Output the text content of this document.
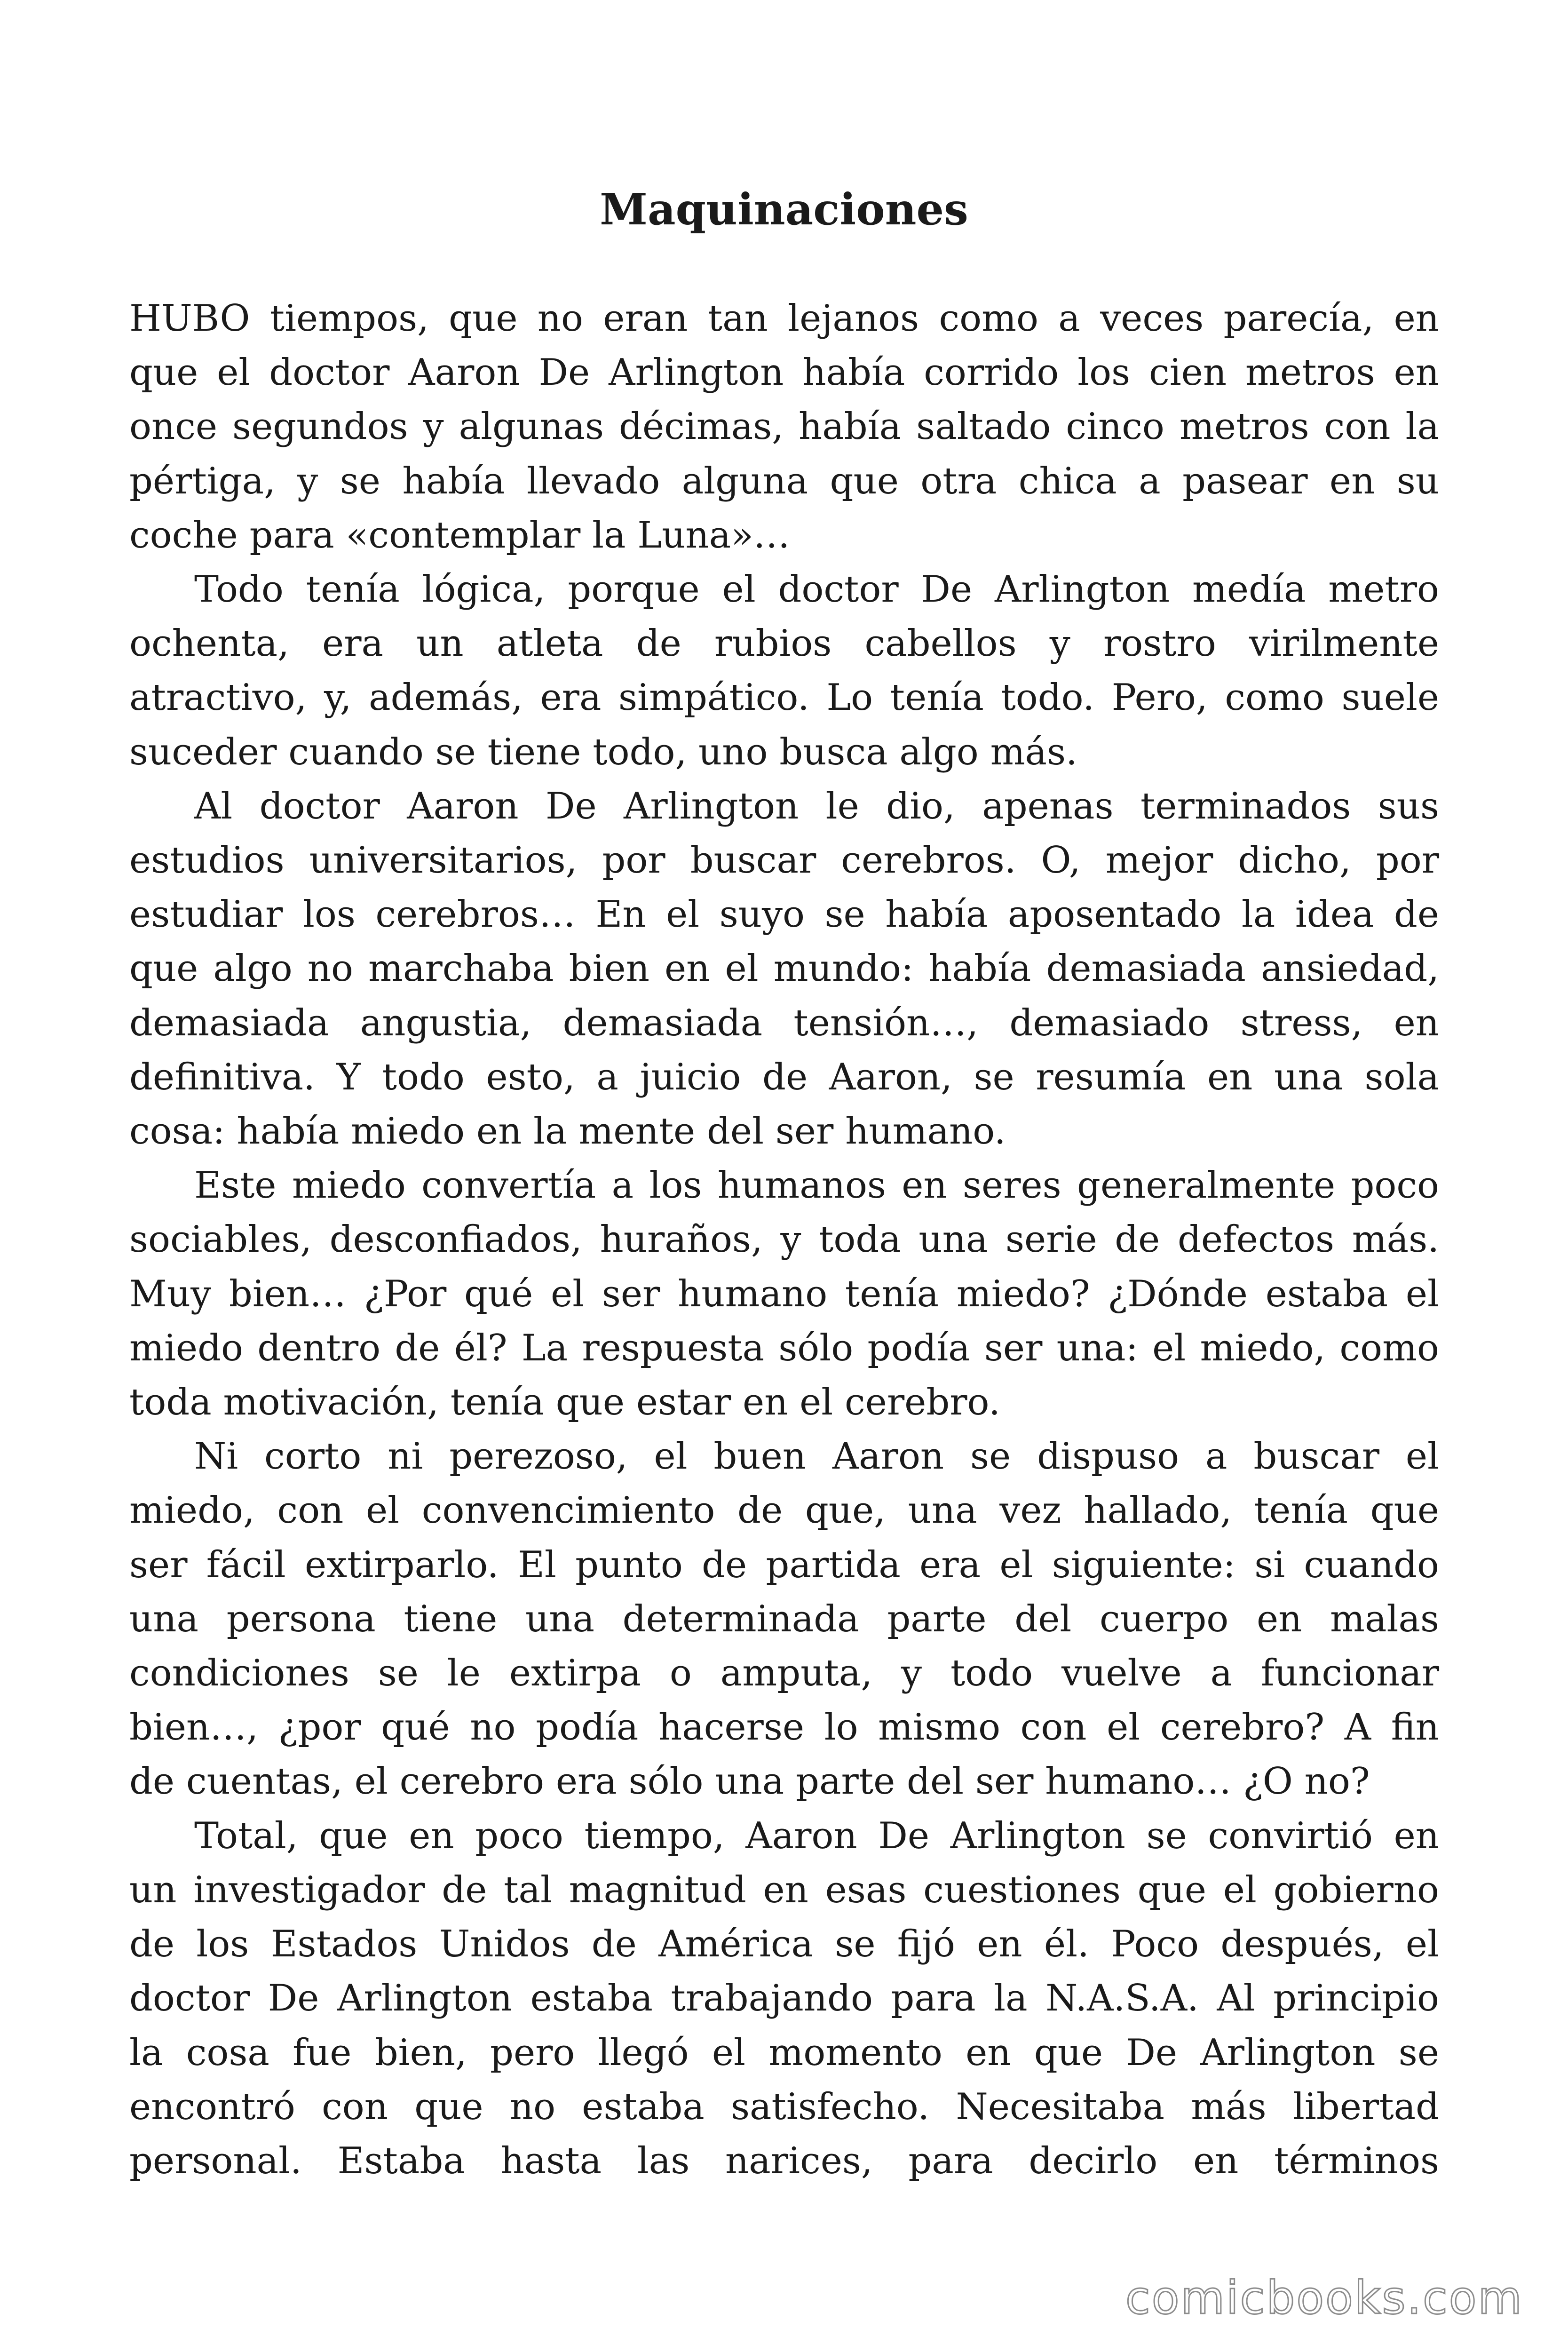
Maquinaciones

HUBO tiempos, que no eran tan lejanos como a veces parecía, en
que el doctor Aaron De Arlington había corrido los cien metros en
once segundos y algunas décimas, había saltado cinco metros con la
pértiga, y se había llevado alguna que otra chica a pasear en su
coche para «contemplar la Luna»…

Todo tenía lógica, porque el doctor De Arlington medía metro
ochenta, era un atleta de rubios cabellos y rostro virilmente
atractivo, y, además, era simpático. Lo tenía todo. Pero, como suele
suceder cuando se tiene todo, uno busca algo más.

Al doctor Aaron De Arlington le dio, apenas terminados sus
estudios universitarios, por buscar cerebros. O, mejor dicho, por
estudiar los cerebros… En el suyo se había aposentado la idea de
que algo no marchaba bien en el mundo: había demasiada ansiedad,
demasiada angustia, demasiada tensión…, demasiado stress, en
definitiva. Y todo esto, a juicio de Aaron, se resumía en una sola
cosa: había miedo en la mente del ser humano.

Este miedo convertía a los humanos en seres generalmente poco
sociables, desconfiados, huraños, y toda una serie de defectos más.
Muy bien… ¿Por qué el ser humano tenía miedo? ¿Dónde estaba el
miedo dentro de él? La respuesta sólo podía ser una: el miedo, como
toda motivación, tenía que estar en el cerebro.

Ni corto ni perezoso, el buen Aaron se dispuso a buscar el
miedo, con el convencimiento de que, una vez hallado, tenía que
ser fácil extirparlo. El punto de partida era el siguiente: si cuando
una persona tiene una determinada parte del cuerpo en malas
condiciones se le extirpa o amputa, y todo vuelve a funcionar
bien…, ¿por qué no podía hacerse lo mismo con el cerebro? A fin
de cuentas, el cerebro era sólo una parte del ser humano… ¿O no?

Total, que en poco tiempo, Aaron De Arlington se convirtió en
un investigador de tal magnitud en esas cuestiones que el gobierno
de los Estados Unidos de América se fijó en él. Poco después, el
doctor De Arlington estaba trabajando para la N.A.S.A. Al principio
la cosa fue bien, pero llegó el momento en que De Arlington se
encontró con que no estaba satisfecho. Necesitaba más libertad
personal. Estaba hasta las narices, para decirlo en términos

comicbooks.com
